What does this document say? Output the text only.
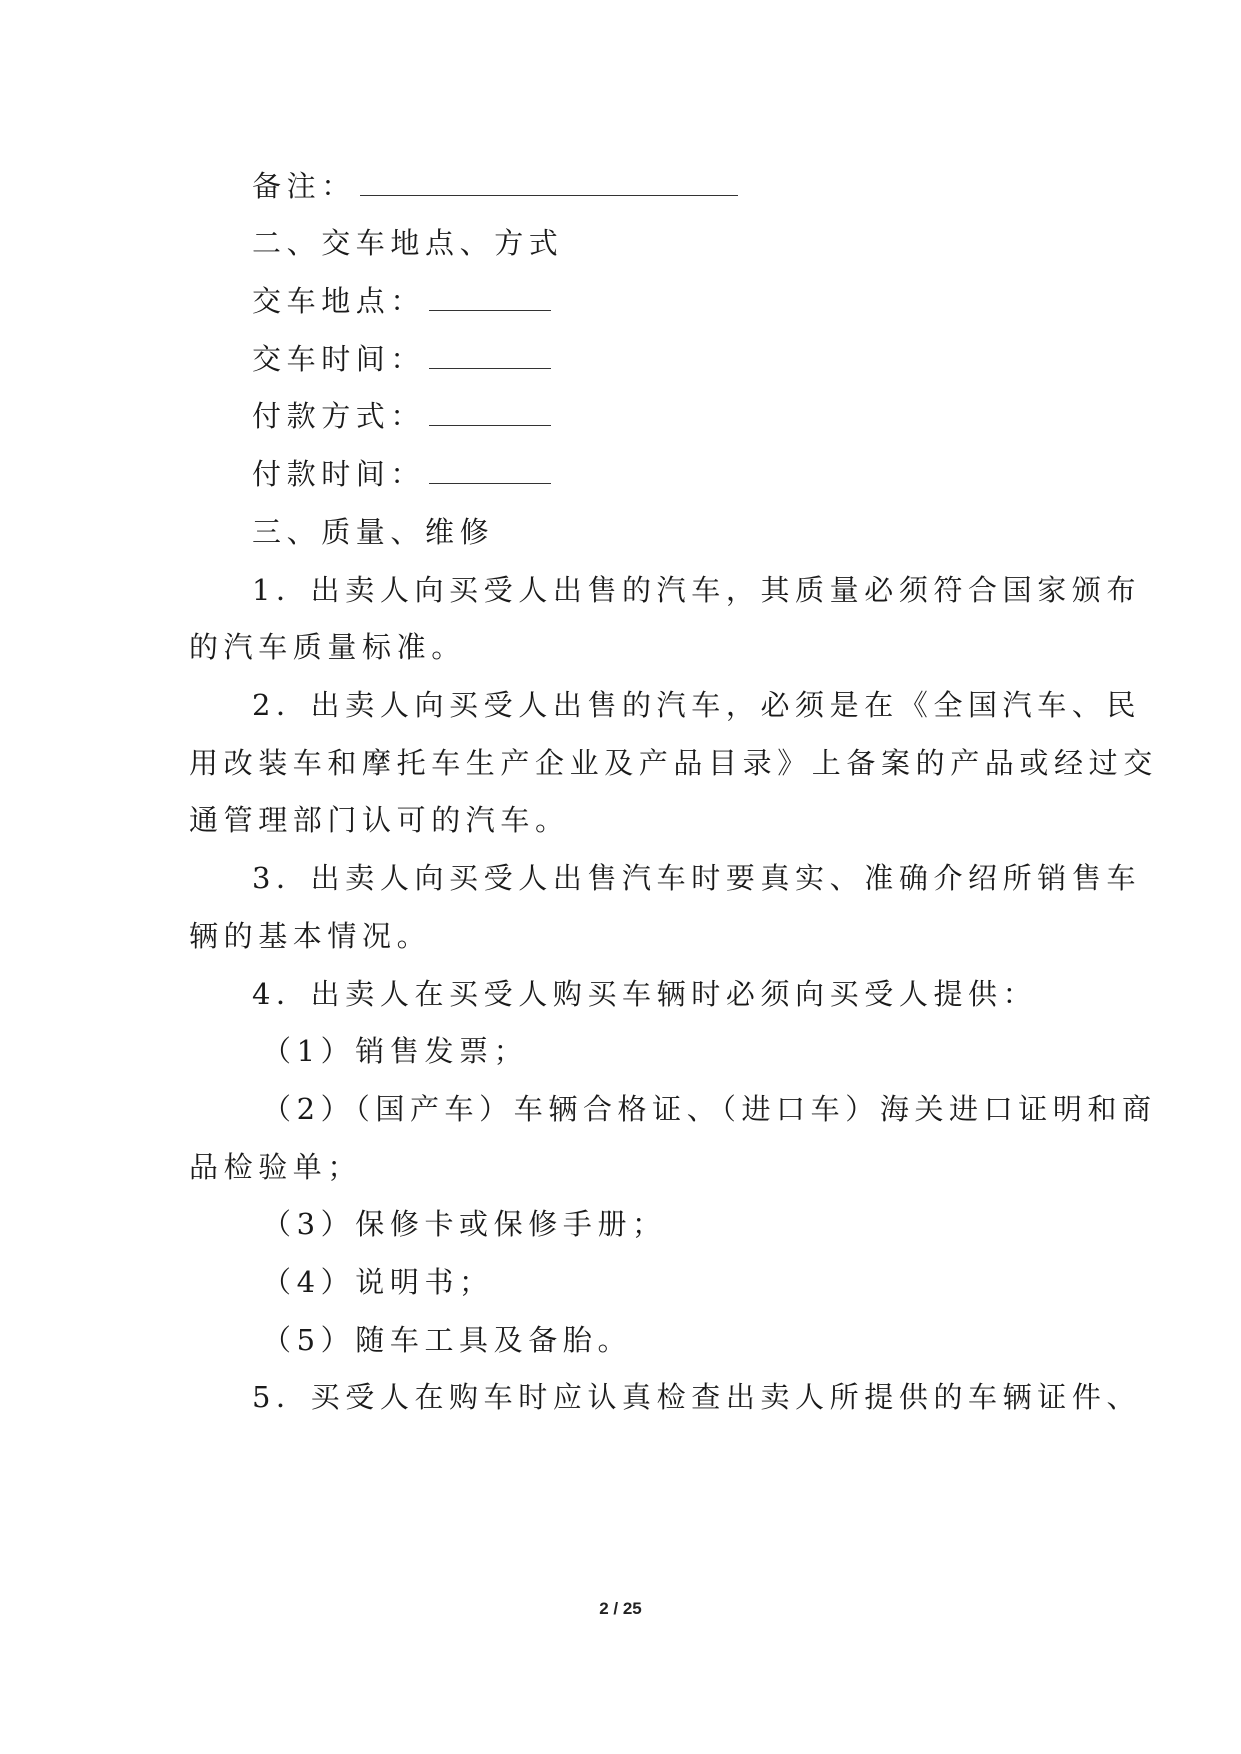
备注：
二、交车地点、方式
交车地点：
交车时间：
付款方式：
付款时间：
三、质量、维修
1．出卖人向买受人出售的汽车，其质量必须符合国家颁布
的汽车质量标准。
2．出卖人向买受人出售的汽车，必须是在《全国汽车、民
用改装车和摩托车生产企业及产品目录》上备案的产品或经过交
通管理部门认可的汽车。
3．出卖人向买受人出售汽车时要真实、准确介绍所销售车
辆的基本情况。
4．出卖人在买受人购买车辆时必须向买受人提供：
（1）销售发票；
（2）（国产车）车辆合格证、（进口车）海关进口证明和商
品检验单；
（3）保修卡或保修手册；
（4）说明书；
（5）随车工具及备胎。
5．买受人在购车时应认真检查出卖人所提供的车辆证件、
2 / 25
